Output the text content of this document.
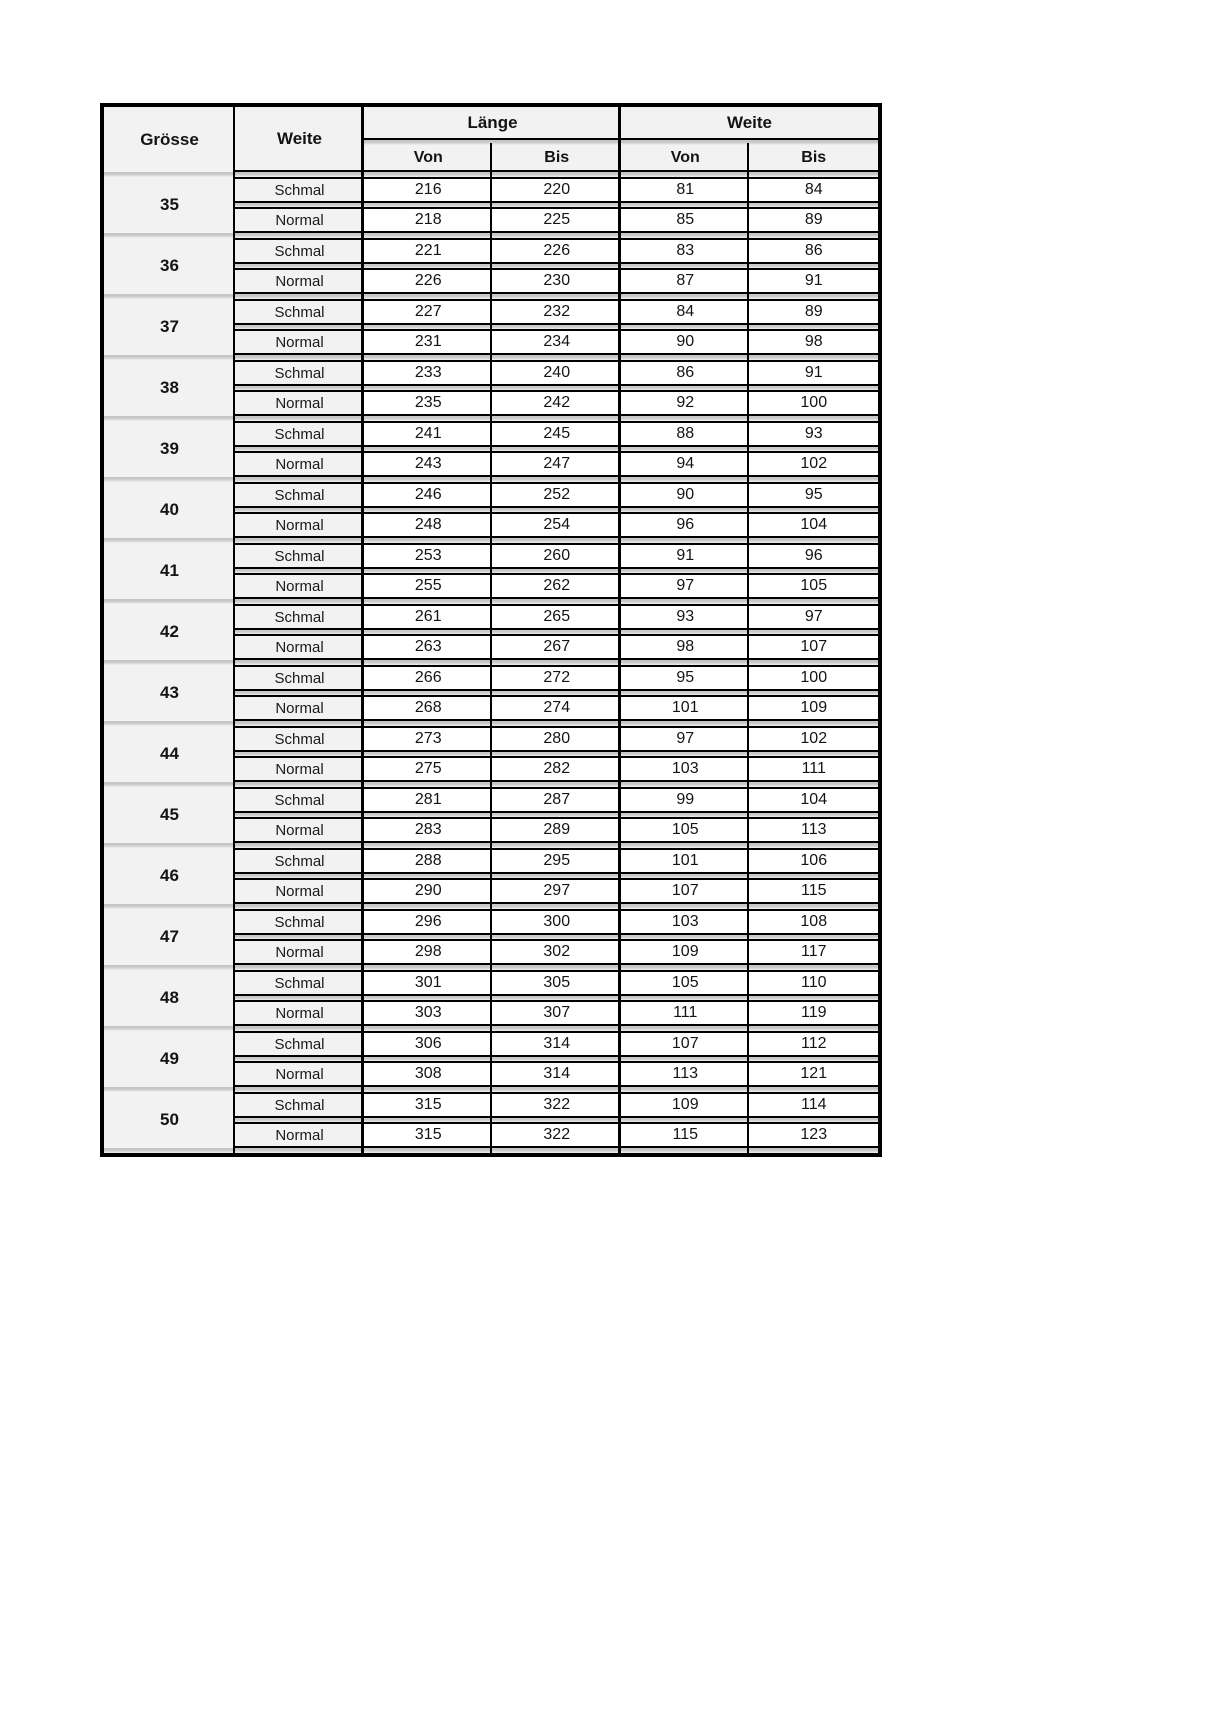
Grösse	Weite
Länge
Von	Bis
Weite
Von	Bis
35
Schmal	216	220	81	84
Normal	218	225	85	89
36
Schmal	221	226	83	86
Normal	226	230	87	91
37
Schmal	227	232	84	89
Normal	231	234	90	98
38
Schmal	233	240	86	91
Normal	235	242	92	100
39
Schmal	241	245	88	93
Normal	243	247	94	102
40
Schmal	246	252	90	95
Normal	248	254	96	104
41
Schmal	253	260	91	96
Normal	255	262	97	105
42
Schmal	261	265	93	97
Normal	263	267	98	107
43
Schmal	266	272	95	100
Normal	268	274	101	109
44
Schmal	273	280	97	102
Normal	275	282	103	111
45
Schmal	281	287	99	104
Normal	283	289	105	113
46
Schmal	288	295	101	106
Normal	290	297	107	115
47
Schmal	296	300	103	108
Normal	298	302	109	117
48
Schmal	301	305	105	110
Normal	303	307	111	119
49
Schmal	306	314	107	112
Normal	308	314	113	121
50
Schmal	315	322	109	114
Normal	315	322	115	123
